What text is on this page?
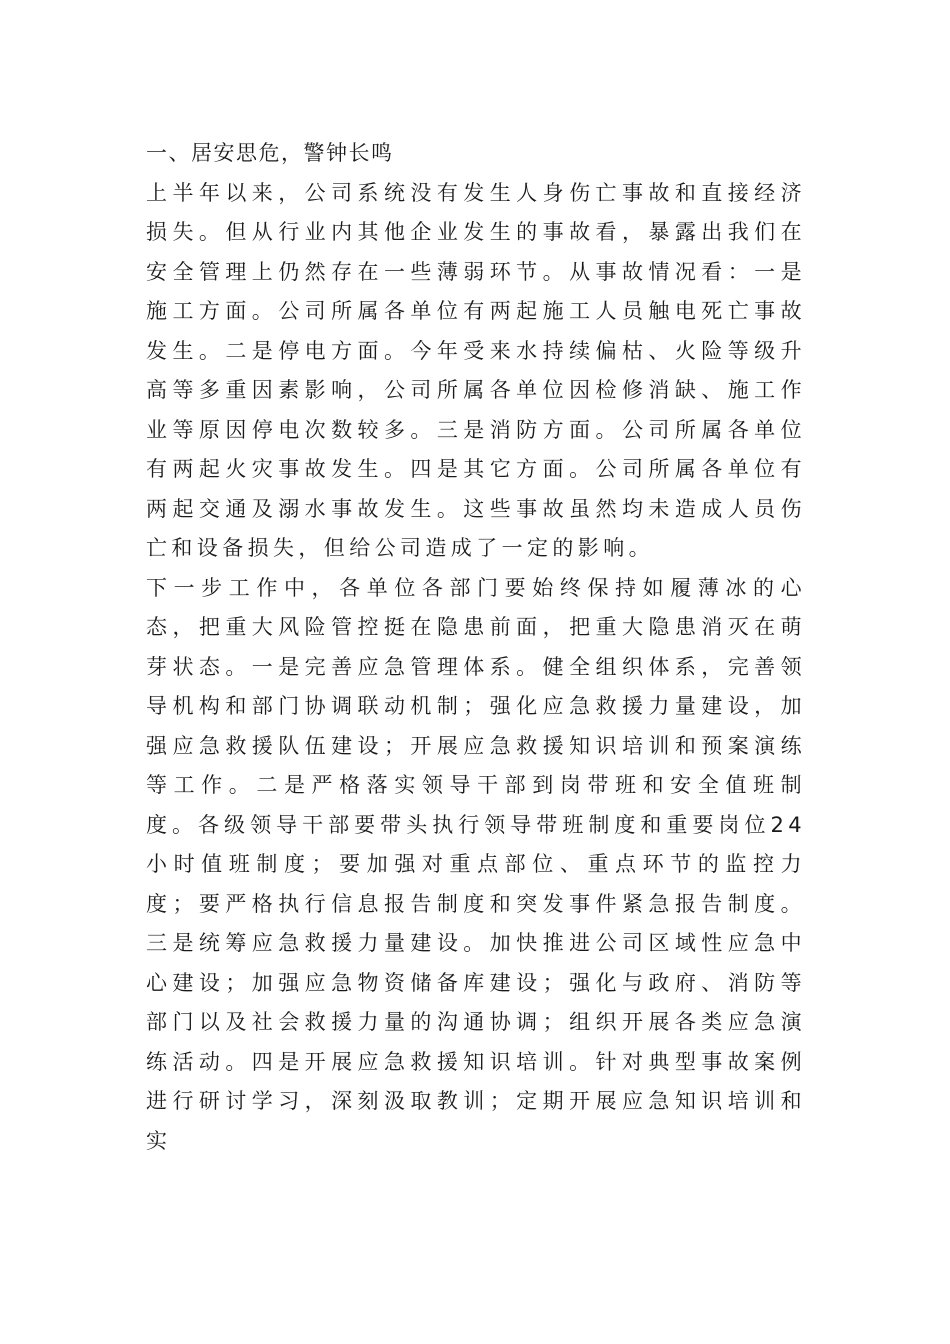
一、居安思危，警钟长鸣

上半年以来，公司系统没有发生人身伤亡事故和直接经济损失。但从行业内其他企业发生的事故看，暴露出我们在安全管理上仍然存在一些薄弱环节。从事故情况看：一是施工方面。公司所属各单位有两起施工人员触电死亡事故发生。二是停电方面。今年受来水持续偏枯、火险等级升高等多重因素影响，公司所属各单位因检修消缺、施工作业等原因停电次数较多。三是消防方面。公司所属各单位有两起火灾事故发生。四是其它方面。公司所属各单位有两起交通及溺水事故发生。这些事故虽然均未造成人员伤亡和设备损失，但给公司造成了一定的影响。

下一步工作中，各单位各部门要始终保持如履薄冰的心态，把重大风险管控挺在隐患前面，把重大隐患消灭在萌芽状态。一是完善应急管理体系。健全组织体系，完善领导机构和部门协调联动机制；强化应急救援力量建设，加强应急救援队伍建设；开展应急救援知识培训和预案演练等工作。二是严格落实领导干部到岗带班和安全值班制度。各级领导干部要带头执行领导带班制度和重要岗位24小时值班制度；要加强对重点部位、重点环节的监控力度；要严格执行信息报告制度和突发事件紧急报告制度。三是统筹应急救援力量建设。加快推进公司区域性应急中心建设；加强应急物资储备库建设；强化与政府、消防等部门以及社会救援力量的沟通协调；组织开展各类应急演练活动。四是开展应急救援知识培训。针对典型事故案例进行研讨学习，深刻汲取教训；定期开展应急知识培训和实
